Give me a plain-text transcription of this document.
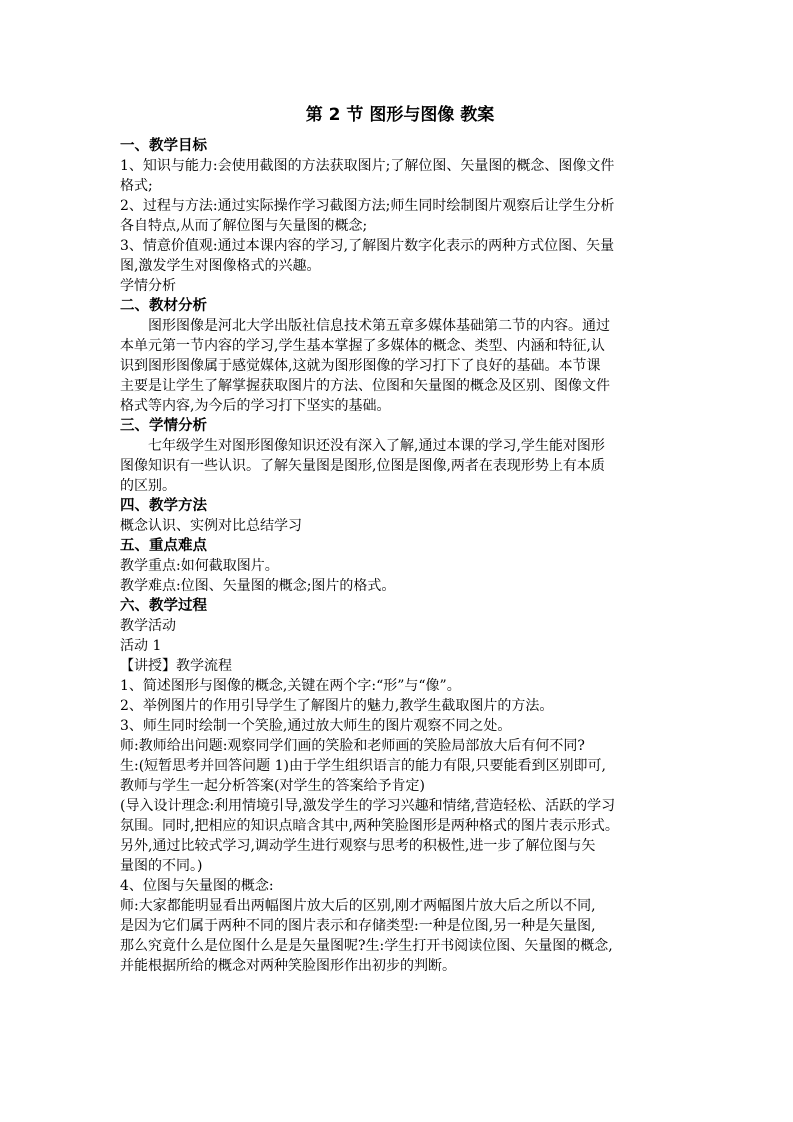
第 2 节 图形与图像 教案
一、教学目标

1、知识与能力:会使用截图的方法获取图片;了解位图、矢量图的概念、图像文件

格式;

2、过程与方法:通过实际操作学习截图方法;师生同时绘制图片观察后让学生分析

各自特点,从而了解位图与矢量图的概念;

3、情意价值观:通过本课内容的学习,了解图片数字化表示的两种方式位图、矢量

图,激发学生对图像格式的兴趣。

学情分析

二、教材分析

图形图像是河北大学出版社信息技术第五章多媒体基础第二节的内容。通过

本单元第一节内容的学习,学生基本掌握了多媒体的概念、类型、内涵和特征,认

识到图形图像属于感觉媒体,这就为图形图像的学习打下了良好的基础。本节课

主要是让学生了解掌握获取图片的方法、位图和矢量图的概念及区别、图像文件

格式等内容,为今后的学习打下坚实的基础。

三、学情分析

七年级学生对图形图像知识还没有深入了解,通过本课的学习,学生能对图形

图像知识有一些认识。了解矢量图是图形,位图是图像,两者在表现形势上有本质

的区别。

四、教学方法

概念认识、实例对比总结学习

五、重点难点

教学重点:如何截取图片。

教学难点:位图、矢量图的概念;图片的格式。

六、教学过程

教学活动

活动 1

【讲授】教学流程

1、简述图形与图像的概念,关键在两个字:“形”与“像”。

2、举例图片的作用引导学生了解图片的魅力,教学生截取图片的方法。

3、师生同时绘制一个笑脸,通过放大师生的图片观察不同之处。

师:教师给出问题:观察同学们画的笑脸和老师画的笑脸局部放大后有何不同?

生:(短暂思考并回答问题 1)由于学生组织语言的能力有限,只要能看到区别即可,

教师与学生一起分析答案(对学生的答案给予肯定)

(导入设计理念:利用情境引导,激发学生的学习兴趣和情绪,营造轻松、活跃的学习

氛围。同时,把相应的知识点暗含其中,两种笑脸图形是两种格式的图片表示形式。

另外,通过比较式学习,调动学生进行观察与思考的积极性,进一步了解位图与矢

量图的不同。)

4、位图与矢量图的概念:

师:大家都能明显看出两幅图片放大后的区别,刚才两幅图片放大后之所以不同,

是因为它们属于两种不同的图片表示和存储类型:一种是位图,另一种是矢量图,

那么究竟什么是位图什么是是矢量图呢?生:学生打开书阅读位图、矢量图的概念,

并能根据所给的概念对两种笑脸图形作出初步的判断。
